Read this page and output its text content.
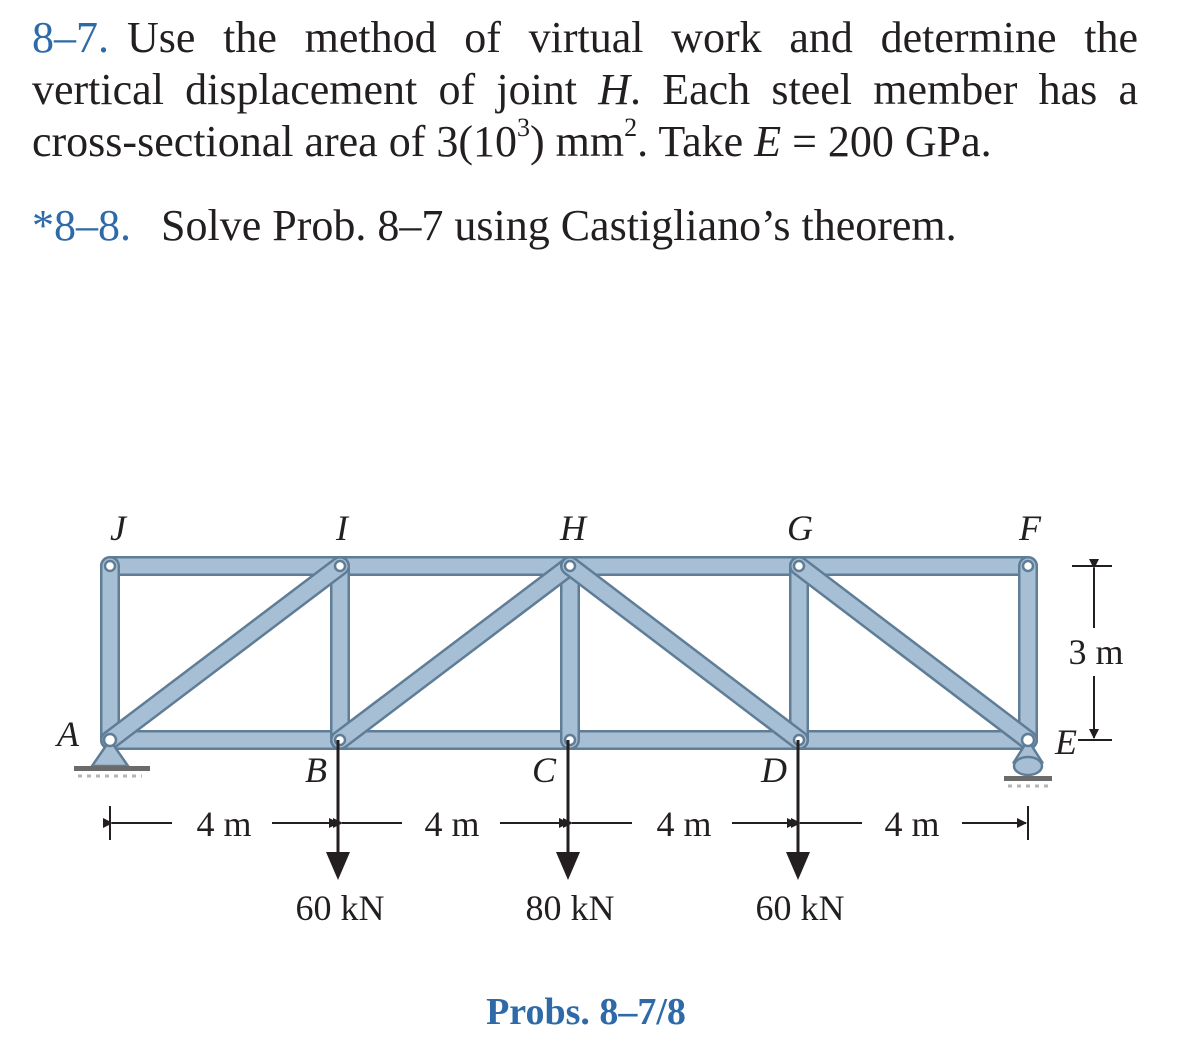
8–7. Use the method of virtual work and determine the vertical displacement of joint H. Each steel member has a cross-sectional area of $3(10^3)$ $mm^2$. Take E = 200 GPa.
*8–8. Solve Prob. 8–7 using Castigliano’s theorem.
J	I	H	G	F
A
B	C	D
E
4 m	4 m	4 m	4 m
3 m
60 kN	80 kN	60 kN
Probs. 8–7/8
